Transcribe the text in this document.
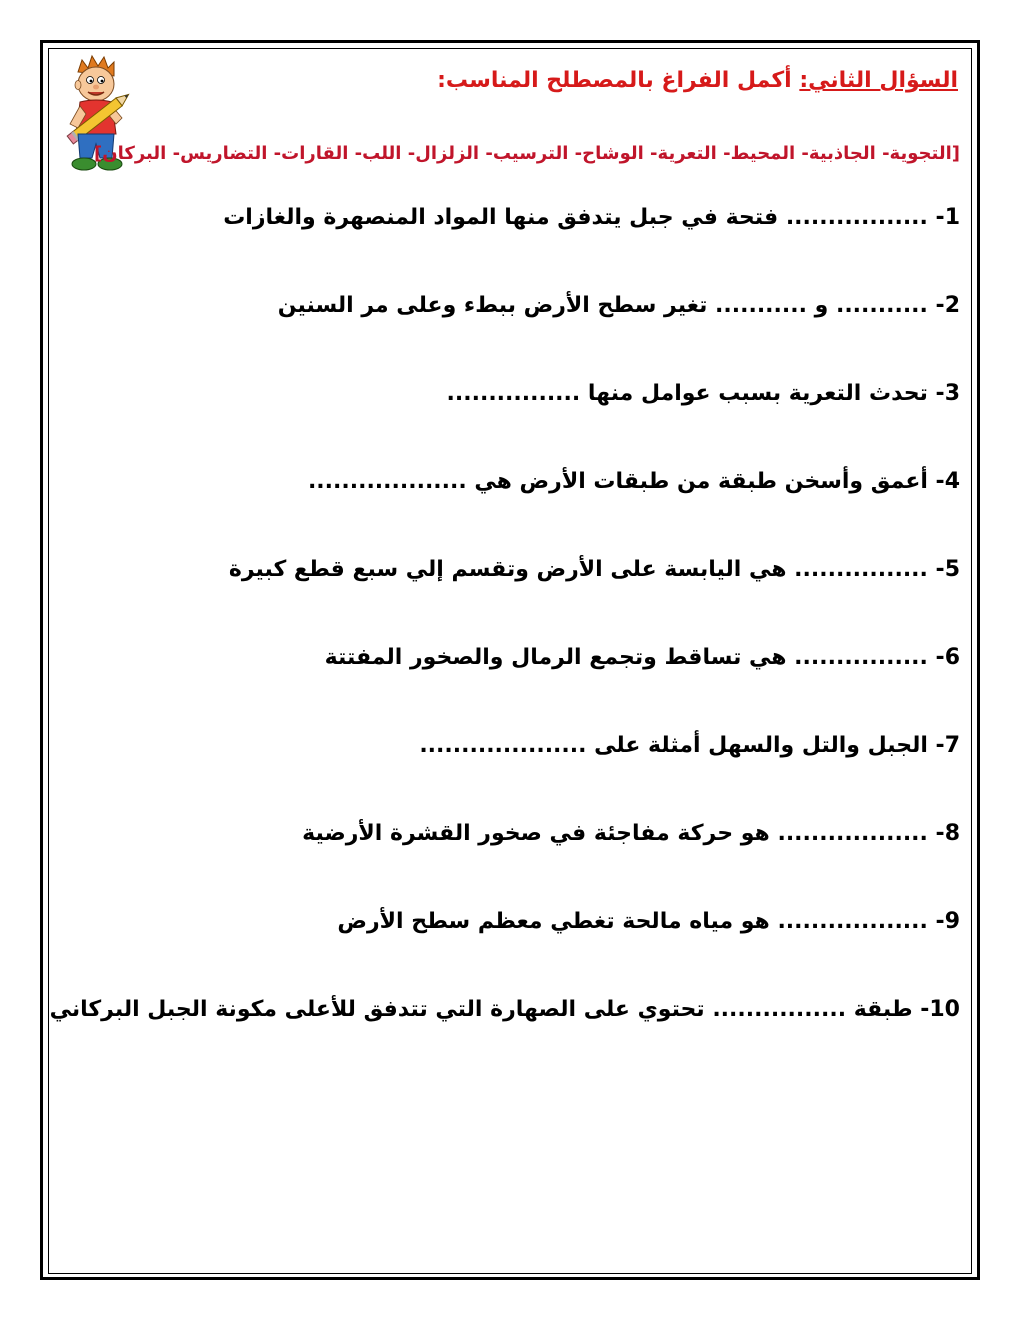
السؤال الثاني: أكمل الفراغ بالمصطلح المناسب:
[التجوية- الجاذبية- المحيط- التعرية- الوشاح- الترسيب- الزلزال- اللب- القارات- التضاريس- البركان]
1- ................. فتحة في جبل يتدفق منها المواد المنصهرة والغازات
2- ........... و ........... تغير سطح الأرض ببطء وعلى مر السنين
3- تحدث التعرية بسبب عوامل منها ................
4- أعمق وأسخن طبقة من طبقات الأرض هي ...................
5- ................ هي اليابسة على الأرض وتقسم إلي سبع قطع كبيرة
6- ................ هي تساقط وتجمع الرمال والصخور المفتتة
7- الجبل والتل والسهل أمثلة على ....................
8- .................. هو حركة مفاجئة في صخور القشرة الأرضية
9- .................. هو مياه مالحة تغطي معظم سطح الأرض
10- طبقة ................ تحتوي على الصهارة التي تتدفق للأعلى مكونة الجبل البركاني
